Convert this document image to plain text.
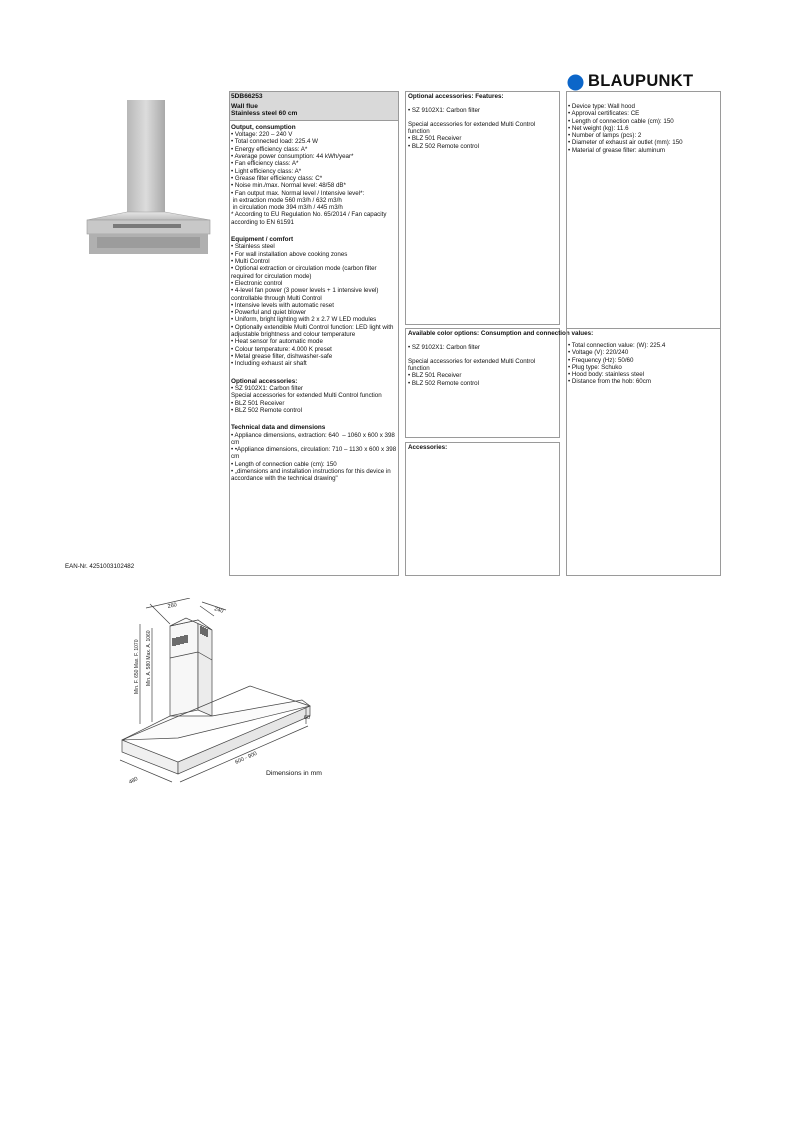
BLAUPUNKT
EAN-Nr. 4251003102482
5DB66253
Wall flue
Stainless steel 60 cm
Output, consumption
• Voltage: 220 – 240 V
• Total connected load: 225.4 W
• Energy efficiency class: A*
• Average power consumption: 44 kWh/year*
• Fan efficiency class: A*
• Light efficiency class: A*
• Grease filter efficiency class: C*
• Noise min./max. Normal level: 48/58 dB*
• Fan output max. Normal level / Intensive level*:
in extraction mode 560 m3/h / 632 m3/h
in circulation mode 394 m3/h / 445 m3/h
* According to EU Regulation No. 65/2014 / Fan capacity according to EN 61591
Equipment / comfort
• Stainless steel
• For wall installation above cooking zones
• Multi Control
• Optional extraction or circulation mode (carbon filter required for circulation mode)
• Electronic control
• 4-level fan power (3 power levels + 1 intensive level) controllable through Multi Control
• Intensive levels with automatic reset
• Powerful and quiet blower
• Uniform, bright lighting with 2 x 2.7 W LED modules
• Optionally extendible Multi Control function: LED light with adjustable brightness and colour temperature
• Heat sensor for automatic mode
• Colour temperature: 4.000 K preset
• Metal grease filter, dishwasher-safe
• Including exhaust air shaft
Optional accessories:
• SZ 9102X1: Carbon filter
Special accessories for extended Multi Control function
• BLZ 501 Receiver
• BLZ 502 Remote control
Technical data and dimensions
• Appliance dimensions, extraction: 640  – 1060 x 600 x 398 cm
• •Appliance dimensions, circulation: 710 – 1130 x 600 x 398 cm
• Length of connection cable (cm): 150
• „dimensions and installation instructions for this device in accordance with the technical drawing"
Optional accessories: Features:
• SZ 9102X1: Carbon filter
Special accessories for extended Multi Control function
• BLZ 501 Receiver
• BLZ 502 Remote control
Available color options: Consumption and connection values:
• SZ 9102X1: Carbon filter
Special accessories for extended Multi Control function
• BLZ 501 Receiver
• BLZ 502 Remote control
Accessories:
• Device type: Wall hood
• Approval certificates: CE
• Length of connection cable (cm): 150
• Net weight (kg): 11.6
• Number of lamps (pcs): 2
• Diameter of exhaust air outlet (mm): 150
• Material of grease filter: aluminum
• Total connection value: (W): 225.4
• Voltage (V): 220/240
• Frequency (Hz): 50/60
• Plug type: Schuko
• Hood body: stainless steel
• Distance from the hob: 60cm
260
240
60
600 - 900
480
Min. F. 650 Max. F. 1070 Min. A. 580 Max. A. 1060
Dimensions in mm
